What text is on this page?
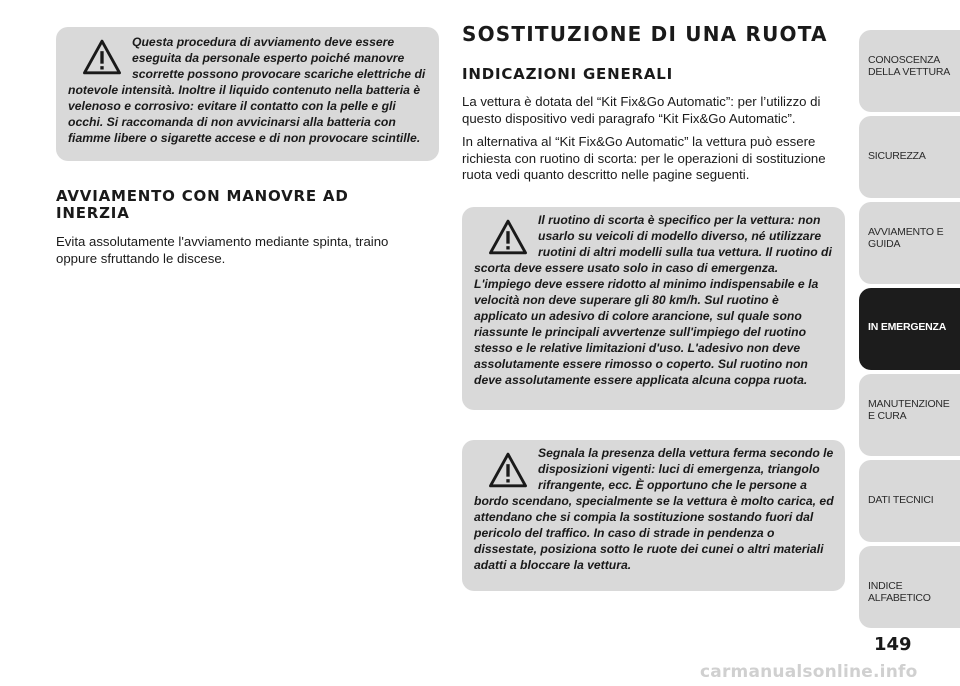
Questa procedura di avviamento deve essere eseguita da personale esperto poiché manovre scorrette possono provocare scariche elettriche di notevole intensità. Inoltre il liquido contenuto nella batteria è velenoso e corrosivo: evitare il contatto con la pelle e gli occhi. Si raccomanda di non avvicinarsi alla batteria con fiamme libere o sigarette accese e di non provocare scintille.

AVVIAMENTO CON MANOVRE AD INERZIA

Evita assolutamente l'avviamento mediante spinta, traino oppure sfruttando le discese.

SOSTITUZIONE DI UNA RUOTA
INDICAZIONI GENERALI

La vettura è dotata del “Kit Fix&Go Automatic”: per l’utilizzo di questo dispositivo vedi paragrafo “Kit Fix&Go Automatic”.

In alternativa al “Kit Fix&Go Automatic” la vettura può essere richiesta con ruotino di scorta: per le operazioni di sostituzione ruota vedi quanto descritto nelle pagine seguenti.

Il ruotino di scorta è specifico per la vettura: non usarlo su veicoli di modello diverso, né utilizzare ruotini di altri modelli sulla tua vettura. Il ruotino di scorta deve essere usato solo in caso di emergenza. L'impiego deve essere ridotto al minimo indispensabile e la velocità non deve superare gli 80 km/h. Sul ruotino è applicato un adesivo di colore arancione, sul quale sono riassunte le principali avvertenze sull'impiego del ruotino stesso e le relative limitazioni d'uso. L'adesivo non deve assolutamente essere rimosso o coperto. Sul ruotino non deve assolutamente essere applicata alcuna coppa ruota.

Segnala la presenza della vettura ferma secondo le disposizioni vigenti: luci di emergenza, triangolo rifrangente, ecc. È opportuno che le persone a bordo scendano, specialmente se la vettura è molto carica, ed attendano che si compia la sostituzione sostando fuori dal pericolo del traffico. In caso di strade in pendenza o dissestate, posiziona sotto le ruote dei cunei o altri materiali adatti a bloccare la vettura.

CONOSCENZA DELLA VETTURA
SICUREZZA
AVVIAMENTO E GUIDA
IN EMERGENZA
MANUTENZIONE E CURA
DATI TECNICI
INDICE ALFABETICO
149
carmanualsonline.info
